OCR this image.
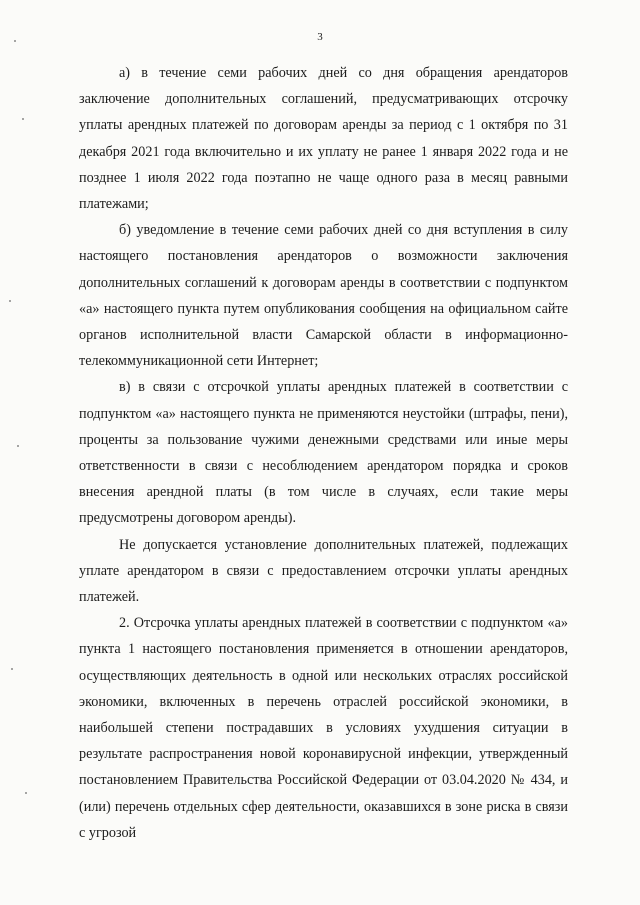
3

а) в течение семи рабочих дней со дня обращения арендаторов заключение дополнительных соглашений, предусматривающих отсрочку уплаты арендных платежей по договорам аренды за период с 1 октября по 31 декабря 2021 года включительно и их уплату не ранее 1 января 2022 года и не позднее 1 июля 2022 года поэтапно не чаще одного раза в месяц равными платежами;

б) уведомление в течение семи рабочих дней со дня вступления в силу настоящего постановления арендаторов о возможности заключения дополнительных соглашений к договорам аренды в соответствии с подпунктом «а» настоящего пункта путем опубликования сообщения на официальном сайте органов исполнительной власти Самарской области в информационно-телекоммуникационной сети Интернет;

в) в связи с отсрочкой уплаты арендных платежей в соответствии с подпунктом «а» настоящего пункта не применяются неустойки (штрафы, пени), проценты за пользование чужими денежными средствами или иные меры ответственности в связи с несоблюдением арендатором порядка и сроков внесения арендной платы (в том числе в случаях, если такие меры предусмотрены договором аренды).

Не допускается установление дополнительных платежей, подлежащих уплате арендатором в связи с предоставлением отсрочки уплаты арендных платежей.

2. Отсрочка уплаты арендных платежей в соответствии с подпунктом «а» пункта 1 настоящего постановления применяется в отношении арендаторов, осуществляющих деятельность в одной или нескольких отраслях российской экономики, включенных в перечень отраслей российской экономики, в наибольшей степени пострадавших в условиях ухудшения ситуации в результате распространения новой коронавирусной инфекции, утвержденный постановлением Правительства Российской Федерации от 03.04.2020 № 434, и (или) перечень отдельных сфер деятельности, оказавшихся в зоне риска в связи с угрозой
